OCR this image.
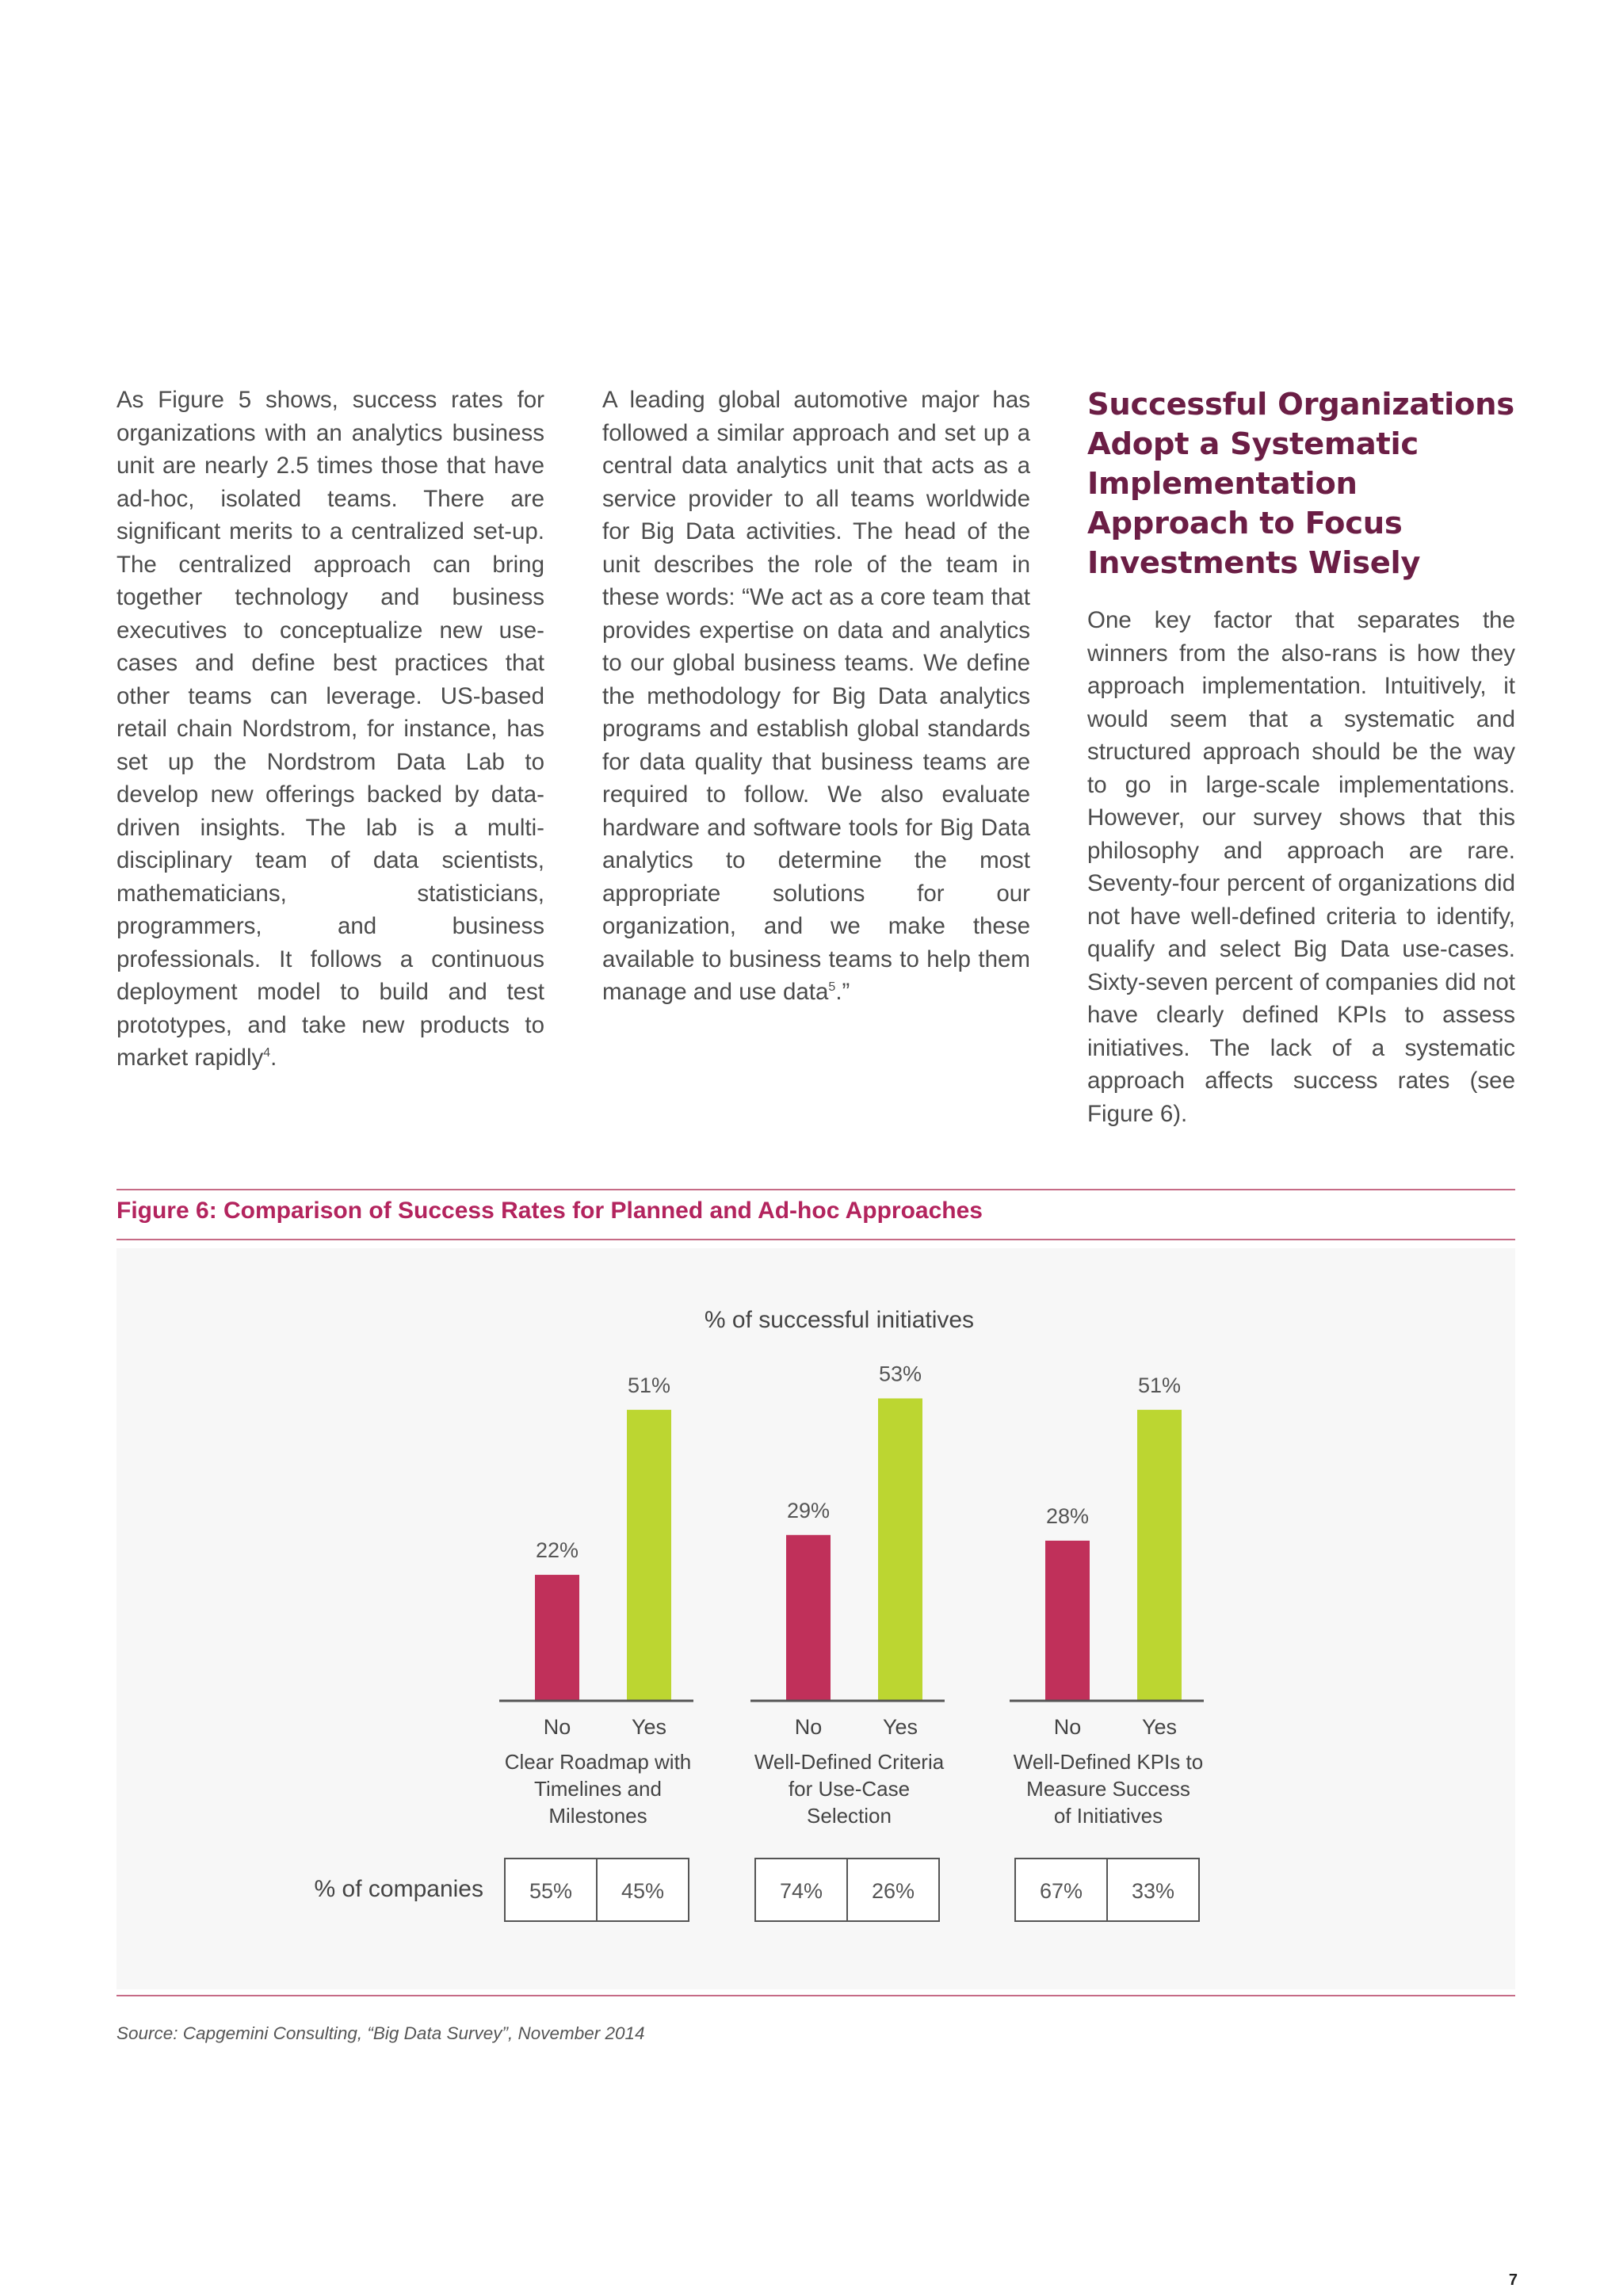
As Figure 5 shows, success rates for organizations with an analytics business unit are nearly 2.5 times those that have ad-hoc, isolated teams. There are significant merits to a centralized set-up. The centralized approach can bring together technology and business executives to conceptualize new use-cases and define best practices that other teams can leverage. US-based retail chain Nordstrom, for instance, has set up the Nordstrom Data Lab to develop new offerings backed by data-driven insights. The lab is a multi-disciplinary team of data scientists, mathematicians, statisticians, programmers, and business professionals. It follows a continuous deployment model to build and test prototypes, and take new products to market rapidly$^4$.

A leading global automotive major has followed a similar approach and set up a central data analytics unit that acts as a service provider to all teams worldwide for Big Data activities. The head of the unit describes the role of the team in these words: “We act as a core team that provides expertise on data and analytics to our global business teams. We define the methodology for Big Data analytics programs and establish global standards for data quality that business teams are required to follow. We also evaluate hardware and software tools for Big Data analytics to determine the most appropriate solutions for our organization, and we make these available to business teams to help them manage and use data$^5$.”

Successful Organizations Adopt a Systematic Implementation Approach to Focus Investments Wisely

One key factor that separates the winners from the also-rans is how they approach implementation. Intuitively, it would seem that a systematic and structured approach should be the way to go in large-scale implementations. However, our survey shows that this philosophy and approach are rare. Seventy-four percent of organizations did not have well-defined criteria to identify, qualify and select Big Data use-cases. Sixty-seven percent of companies did not have clearly defined KPIs to assess initiatives. The lack of a systematic approach affects success rates (see Figure 6).

Figure 6: Comparison of Success Rates for Planned and Ad-hoc Approaches
% of successful initiatives
22%
No
51%
Yes
Clear Roadmap with
Timelines and
Milestones
55% 45%
29%
No
53%
Yes
Well-Defined Criteria
for Use-Case
Selection
74% 26%
28%
No
51%
Yes
Well-Defined KPIs to
Measure Success
of Initiatives
67% 33%
% of companies
Source: Capgemini Consulting, “Big Data Survey”, November 2014
7
